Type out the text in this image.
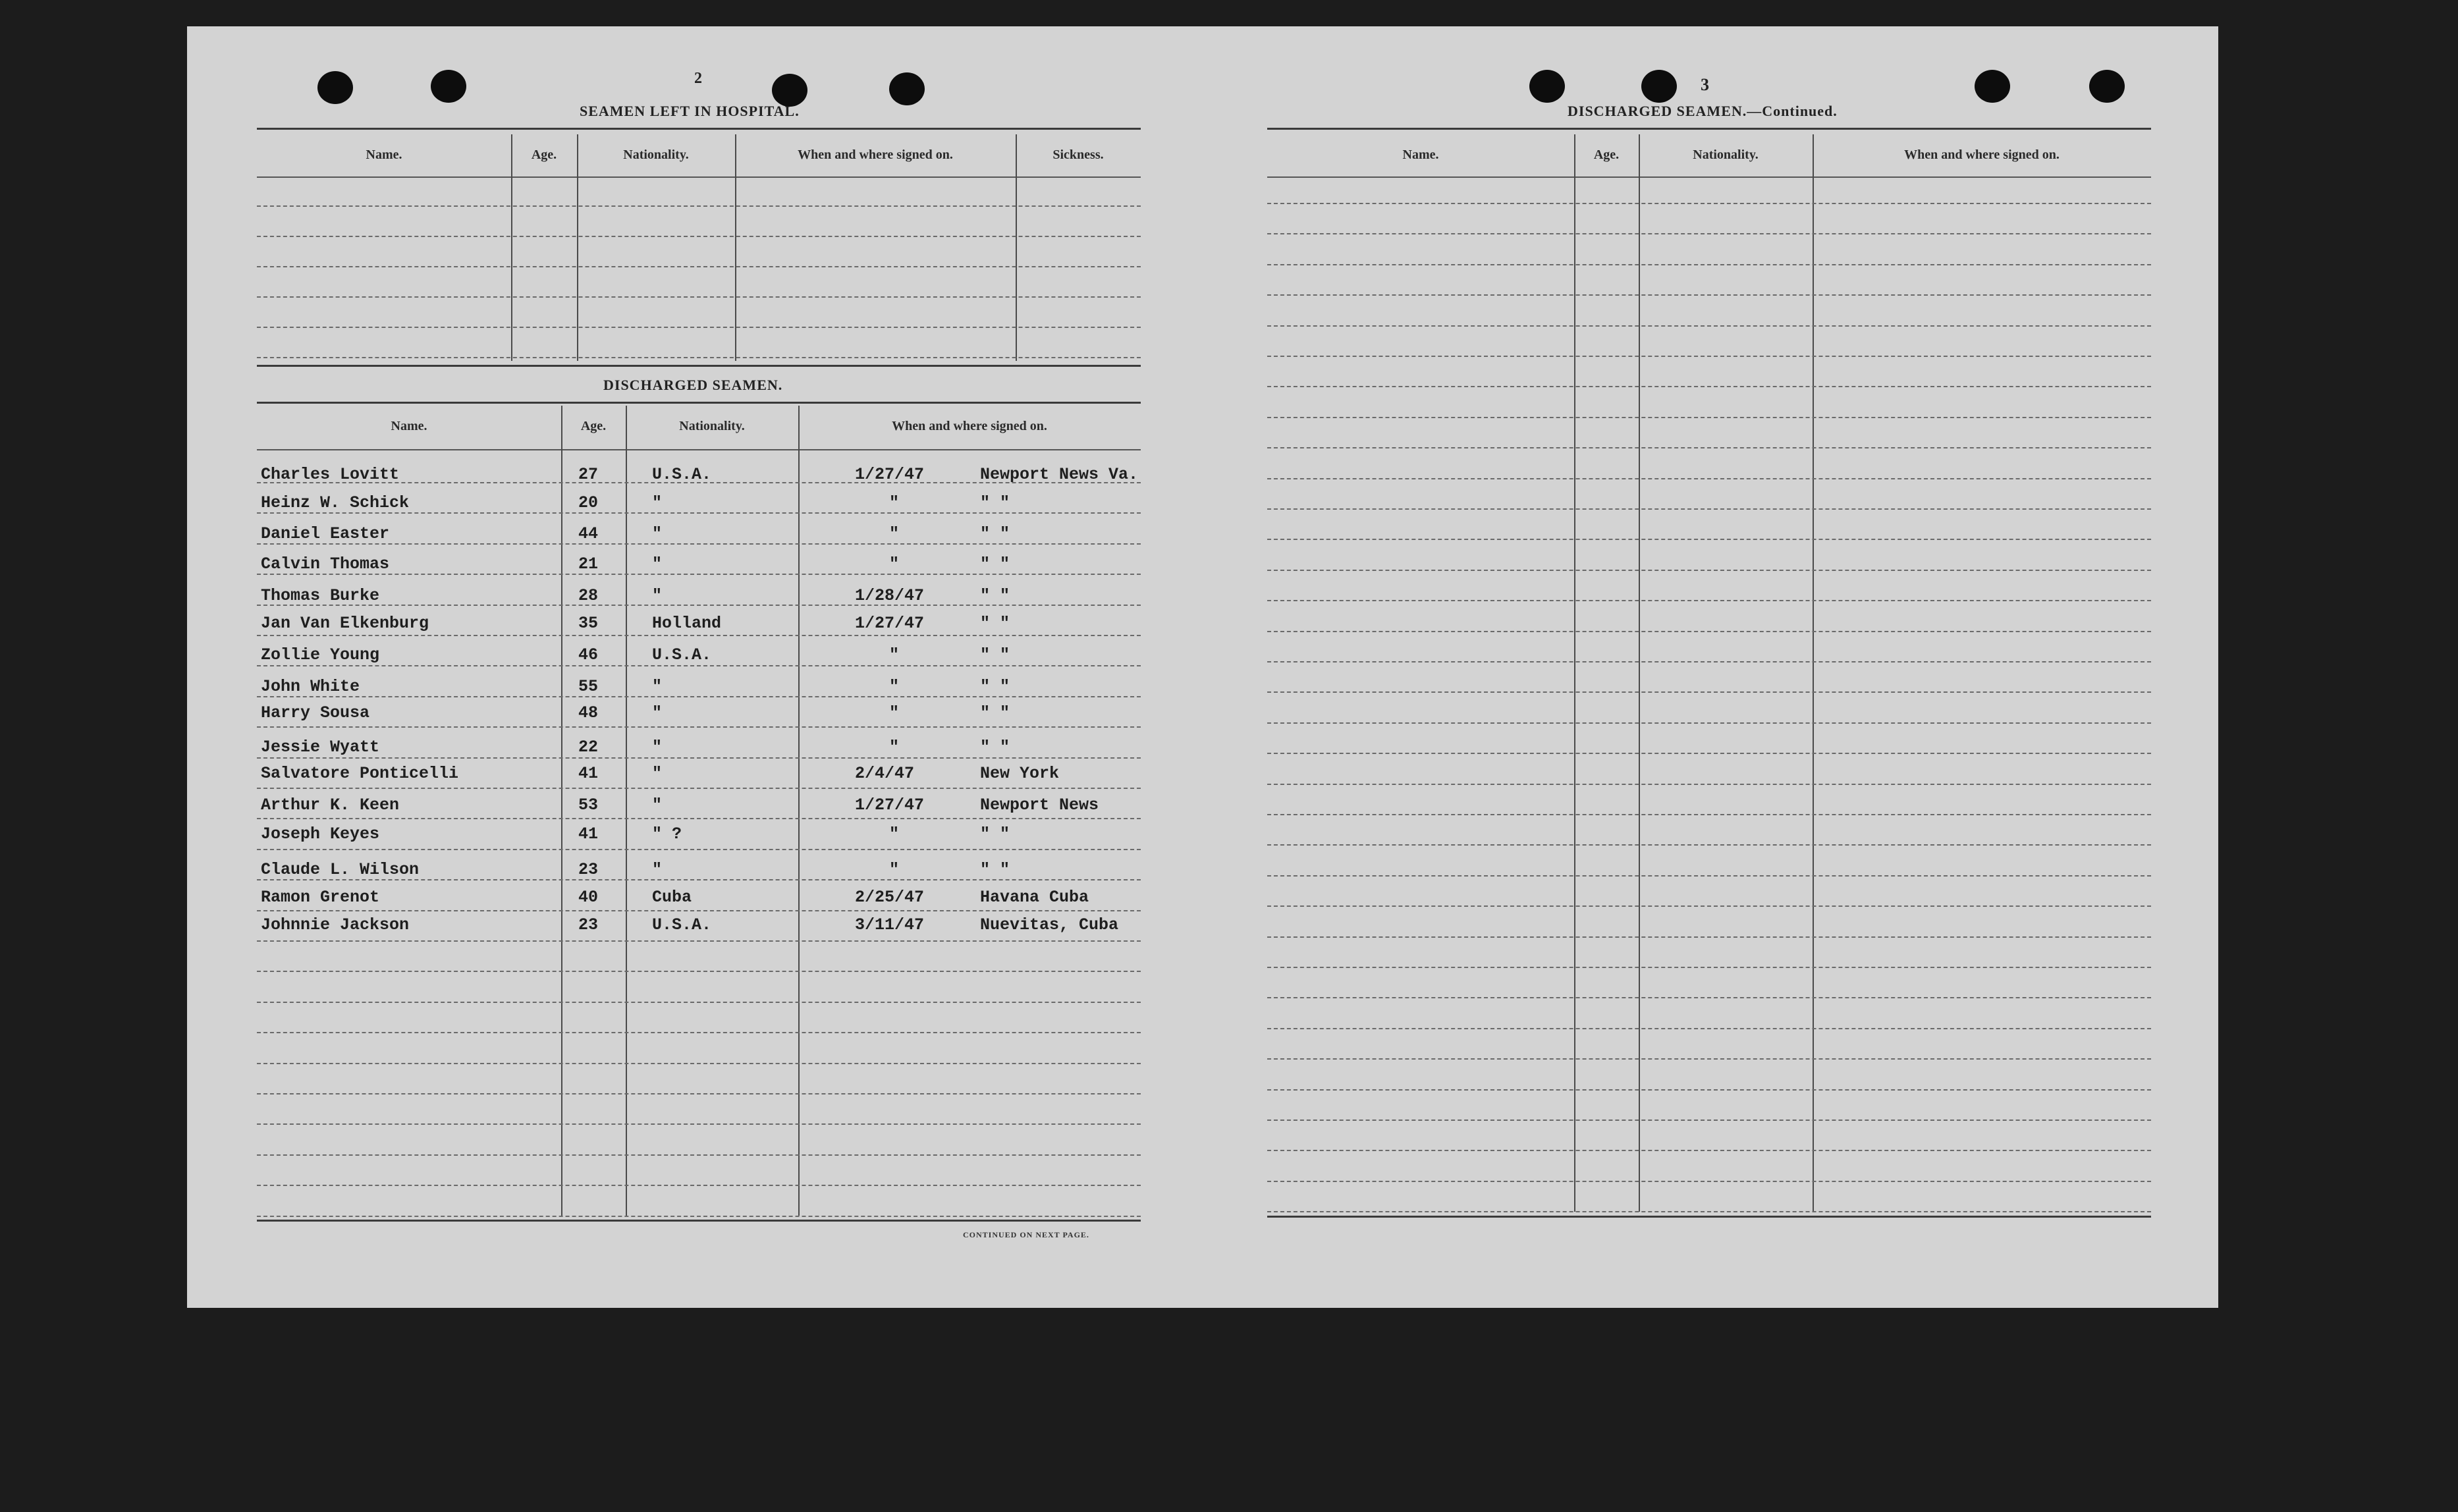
2
SEAMEN LEFT IN HOSPITAL.
Name.	Age.	Nationality.	When and where signed on.	Sickness.
DISCHARGED SEAMEN.
Name.	Age.	Nationality.	When and where signed on.
Charles Lovitt	27	U.S.A.	1/27/47	Newport News Va.
Heinz W. Schick	20	"	"	" "
Daniel Easter	44	"	"	" "
Calvin Thomas	21	"	"	" "
Thomas Burke	28	"	1/28/47	" "
Jan Van Elkenburg	35	Holland	1/27/47	" "
Zollie Young	46	U.S.A.	"	" "
John White	55	"	"	" "
Harry Sousa	48	"	"	" "
Jessie Wyatt	22	"	"	" "
Salvatore Ponticelli	41	"	2/4/47	New York
Arthur K. Keen	53	"	1/27/47	Newport News
Joseph Keyes	41	" ?	"	" "
Claude L. Wilson	23	"	"	" "
Ramon Grenot	40	Cuba	2/25/47	Havana Cuba
Johnnie Jackson	23	U.S.A.	3/11/47	Nuevitas, Cuba
CONTINUED ON NEXT PAGE.
3
DISCHARGED SEAMEN.—Continued.
Name.	Age.	Nationality.	When and where signed on.
